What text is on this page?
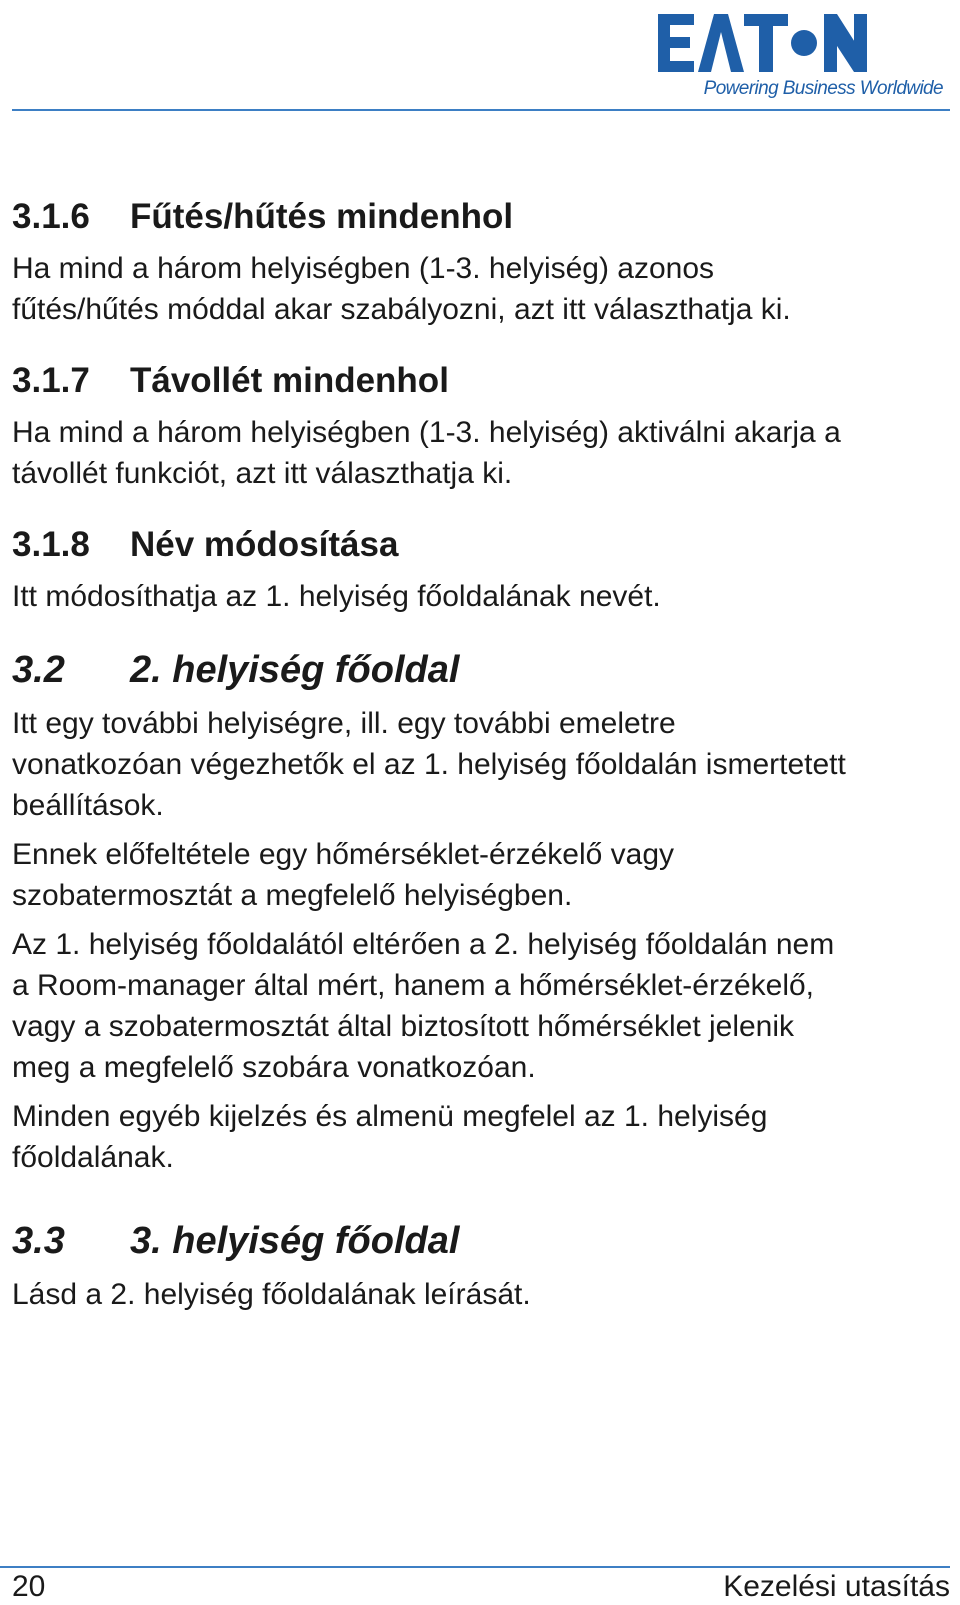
Powering Business Worldwide
3.1.6	Fűtés/hűtés mindenhol

Ha mind a három helyiségben (1-3. helyiség) azonos

fűtés/hűtés móddal akar szabályozni, azt itt választhatja ki.

3.1.7	Távollét mindenhol

Ha mind a három helyiségben (1-3. helyiség) aktiválni akarja a

távollét funkciót, azt itt választhatja ki.

3.1.8	Név módosítása

Itt módosíthatja az 1. helyiség főoldalának nevét.

3.2	2. helyiség főoldal

Itt egy további helyiségre, ill. egy további emeletre

vonatkozóan végezhetők el az 1. helyiség főoldalán ismertetett

beállítások.

Ennek előfeltétele egy hőmérséklet-érzékelő vagy

szobatermosztát a megfelelő helyiségben.

Az 1. helyiség főoldalától eltérően a 2. helyiség főoldalán nem

a Room-manager által mért, hanem a hőmérséklet-érzékelő,

vagy a szobatermosztát által biztosított hőmérséklet jelenik

meg a megfelelő szobára vonatkozóan.

Minden egyéb kijelzés és almenü megfelel az 1. helyiség

főoldalának.

3.3	3. helyiség főoldal

Lásd a 2. helyiség főoldalának leírását.

20	Kezelési utasítás
